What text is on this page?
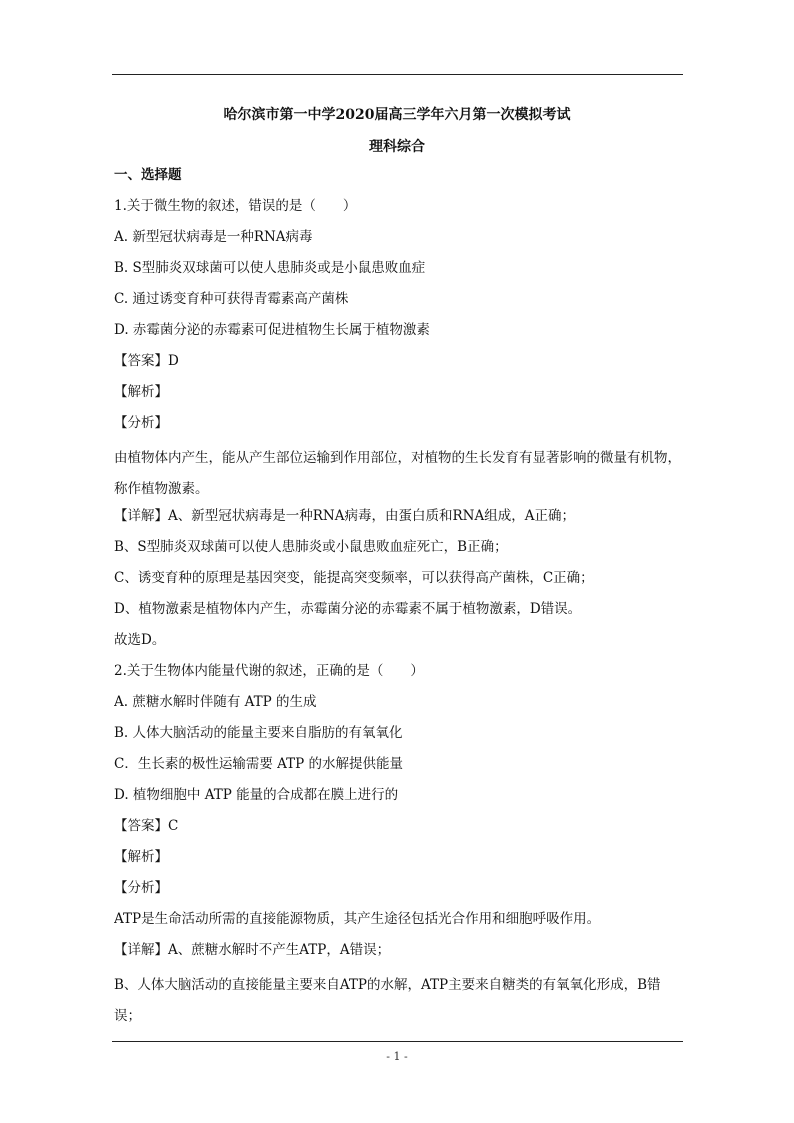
哈尔滨市第一中学2020届高三学年六月第一次模拟考试
理科综合
一、选择题
1.关于微生物的叙述，错误的是（　　）
A. 新型冠状病毒是一种RNA病毒
B. S型肺炎双球菌可以使人患肺炎或是小鼠患败血症
C. 通过诱变育种可获得青霉素高产菌株
D. 赤霉菌分泌的赤霉素可促进植物生长属于植物激素
【答案】D
【解析】
【分析】
由植物体内产生，能从产生部位运输到作用部位，对植物的生长发育有显著影响的微量有机物，称作植物激素。
【详解】A、新型冠状病毒是一种RNA病毒，由蛋白质和RNA组成，A正确；
B、S型肺炎双球菌可以使人患肺炎或小鼠患败血症死亡，B正确；
C、诱变育种的原理是基因突变，能提高突变频率，可以获得高产菌株，C正确；
D、植物激素是植物体内产生，赤霉菌分泌的赤霉素不属于植物激素，D错误。
故选D。
2.关于生物体内能量代谢的叙述，正确的是（　　）
A. 蔗糖水解时伴随有 ATP 的生成
B. 人体大脑活动的能量主要来自脂肪的有氧氧化
C．生长素的极性运输需要 ATP 的水解提供能量
D. 植物细胞中 ATP 能量的合成都在膜上进行的
【答案】C
【解析】
【分析】
ATP是生命活动所需的直接能源物质，其产生途径包括光合作用和细胞呼吸作用。
【详解】A、蔗糖水解时不产生ATP，A错误；
B、人体大脑活动的直接能量主要来自ATP的水解，ATP主要来自糖类的有氧氧化形成，B错误；
- 1 -
